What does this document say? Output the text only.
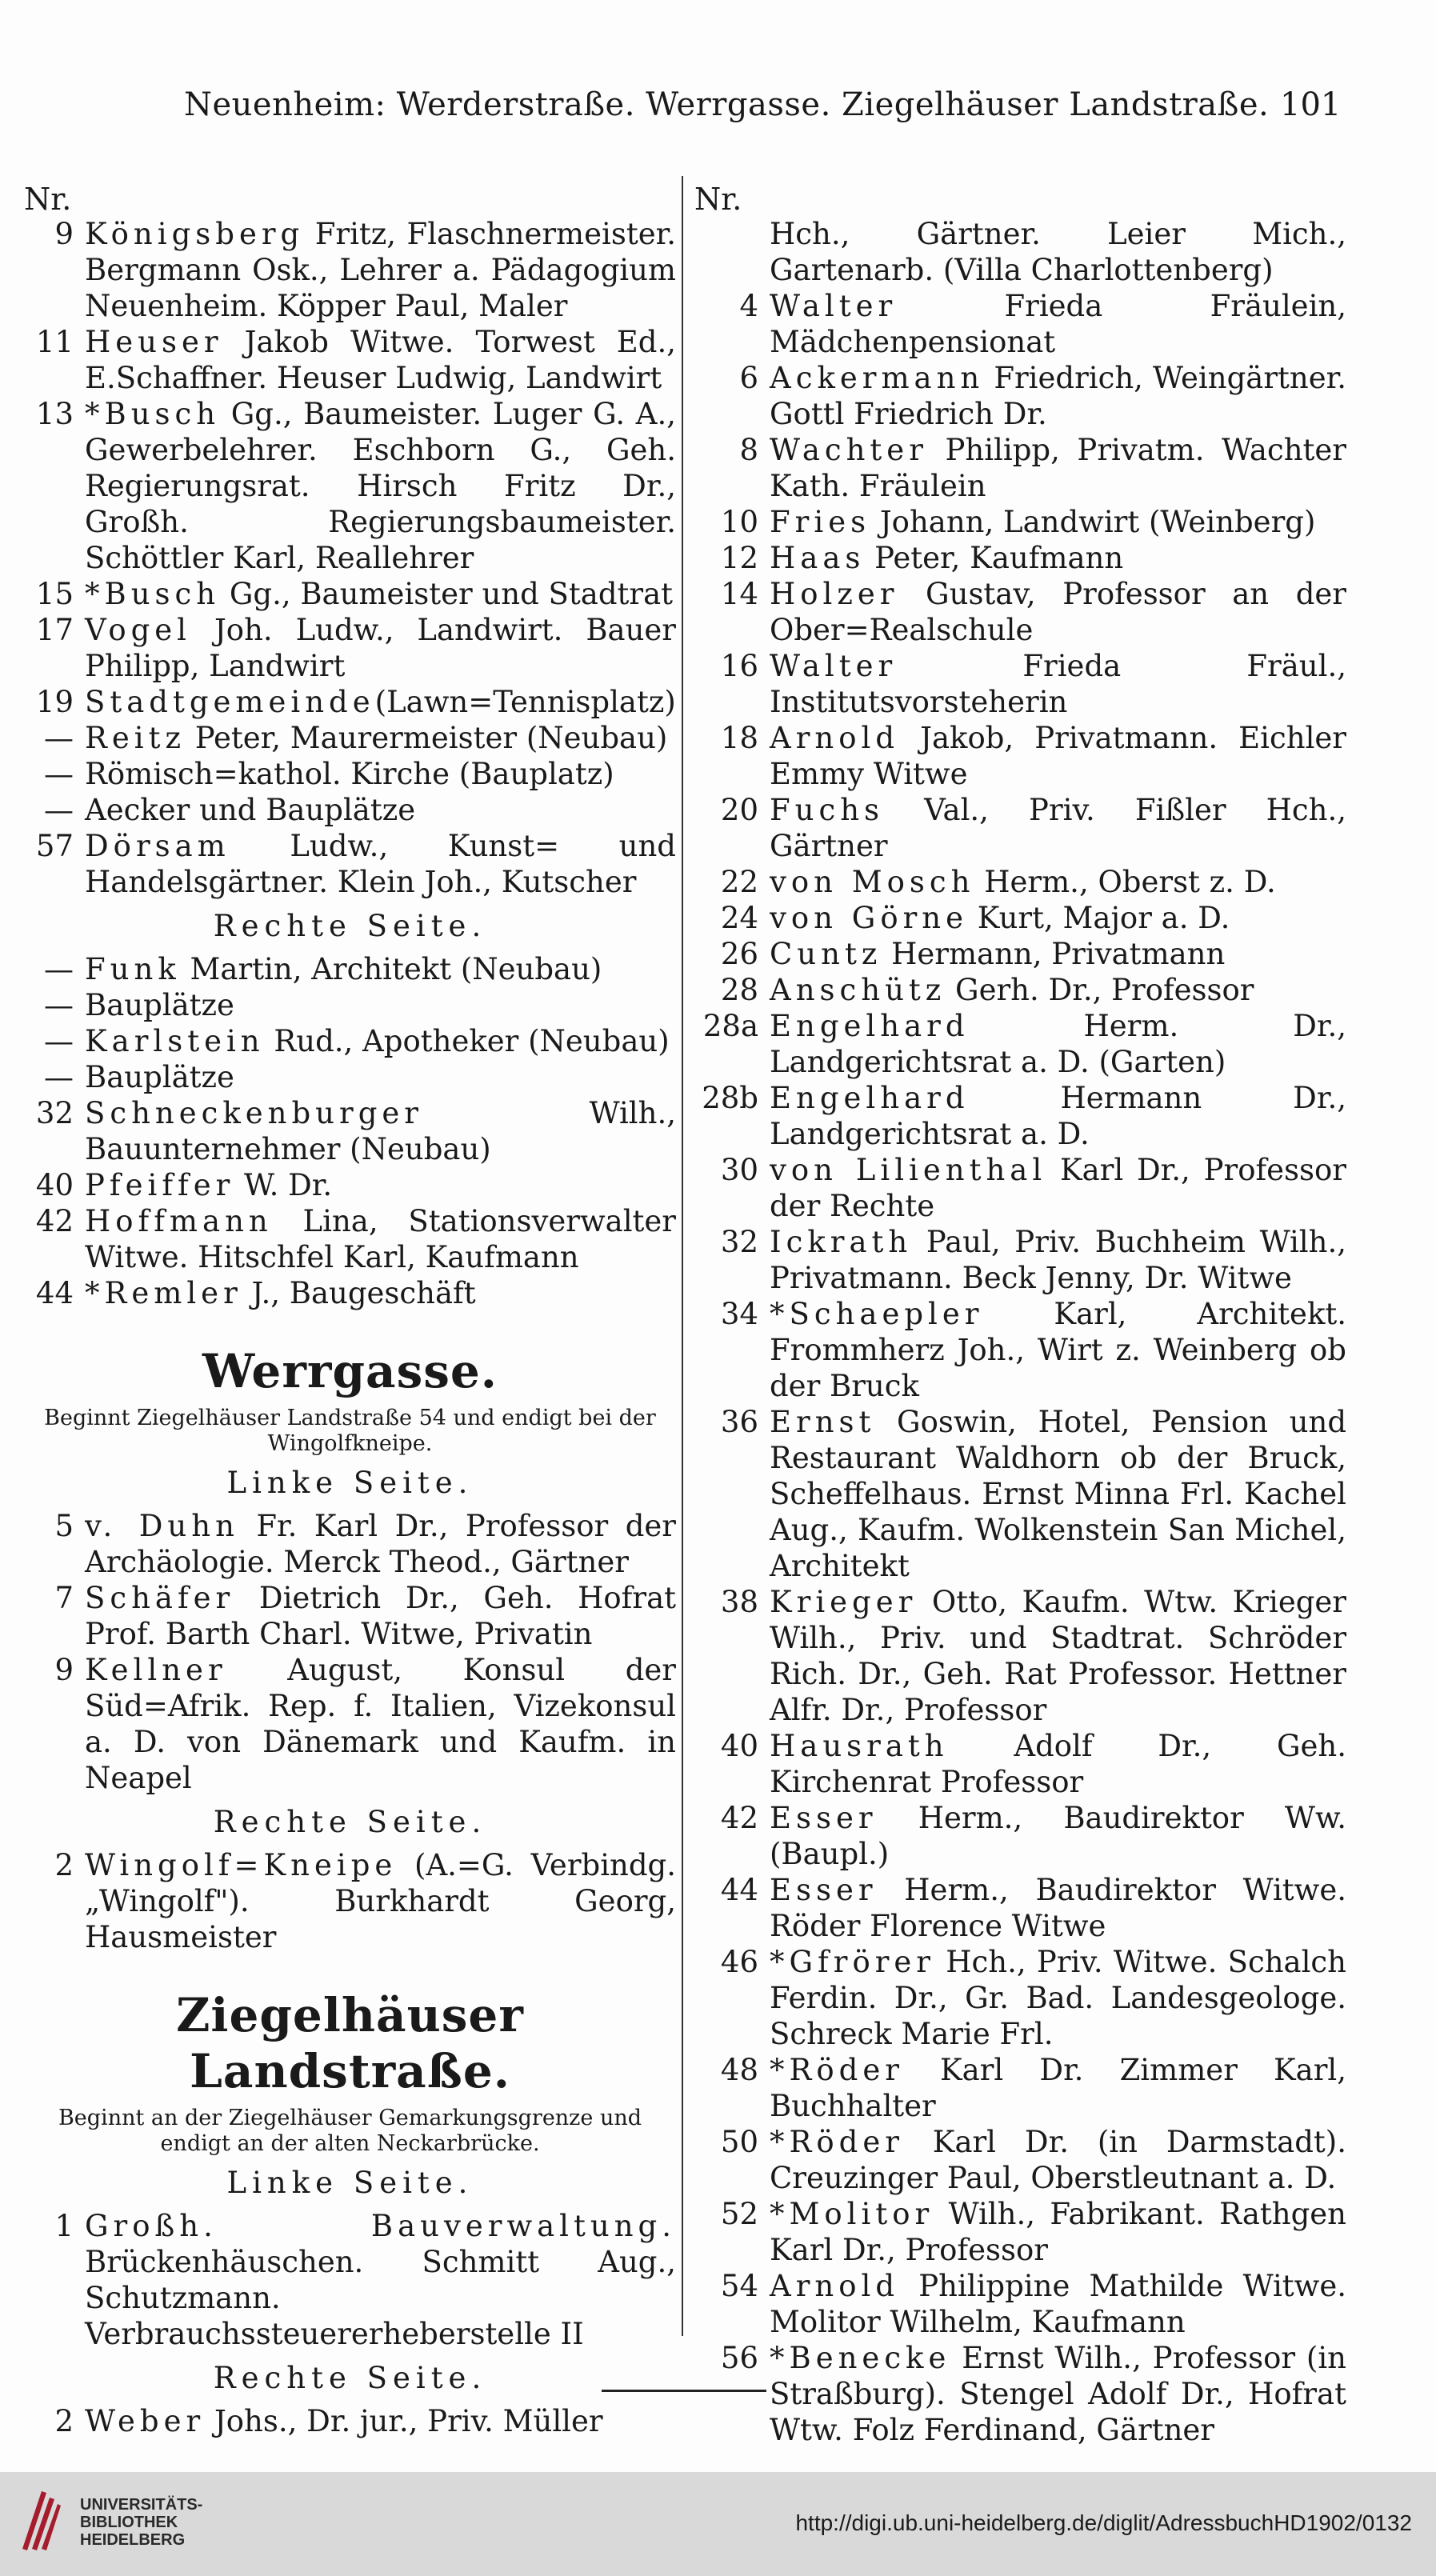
Neuenheim: Werderstraße. Werrgasse. Ziegelhäuser Landstraße. 101
Nr.
9 Königsberg Fritz, Flaschnermeister. Bergmann Osk., Lehrer a. Pädagogium Neuenheim. Köpper Paul, Maler
11 Heuser Jakob Witwe. Torwest Ed., E.Schaffner. Heuser Ludwig, Landwirt
13 *Busch Gg., Baumeister. Luger G. A., Gewerbelehrer. Eschborn G., Geh. Regierungsrat. Hirsch Fritz Dr., Großh. Regierungsbaumeister. Schöttler Karl, Reallehrer
15 *Busch Gg., Baumeister und Stadtrat
17 Vogel Joh. Ludw., Landwirt. Bauer Philipp, Landwirt
19 Stadtgemeinde(Lawn=Tennisplatz)
— Reitz Peter, Maurermeister (Neubau)
— Römisch=kathol. Kirche (Bauplatz)
— Aecker und Bauplätze
57 Dörsam Ludw., Kunst= und Handelsgärtner. Klein Joh., Kutscher
Rechte Seite.
— Funk Martin, Architekt (Neubau)
— Bauplätze
— Karlstein Rud., Apotheker (Neubau)
— Bauplätze
32 Schneckenburger Wilh., Bauunternehmer (Neubau)
40 Pfeiffer W. Dr.
42 Hoffmann Lina, Stationsverwalter Witwe. Hitschfel Karl, Kaufmann
44 *Remler J., Baugeschäft
Werrgasse.
Beginnt Ziegelhäuser Landstraße 54 und endigt bei der Wingolfkneipe.
Linke Seite.
5 v. Duhn Fr. Karl Dr., Professor der Archäologie. Merck Theod., Gärtner
7 Schäfer Dietrich Dr., Geh. Hofrat Prof. Barth Charl. Witwe, Privatin
9 Kellner August, Konsul der Süd=Afrik. Rep. f. Italien, Vizekonsul a. D. von Dänemark und Kaufm. in Neapel
Rechte Seite.
2 Wingolf=Kneipe (A.=G. Verbindg. „Wingolf"). Burkhardt Georg, Hausmeister
Ziegelhäuser Landstraße.
Beginnt an der Ziegelhäuser Gemarkungsgrenze und endigt an der alten Neckarbrücke.
Linke Seite.
1 Großh. Bauverwaltung. Brückenhäuschen. Schmitt Aug., Schutzmann. Verbrauchssteuererheberstelle II
Rechte Seite.
2 Weber Johs., Dr. jur., Priv. Müller
Nr.
Hch., Gärtner. Leier Mich., Gartenarb. (Villa Charlottenberg)
4 Walter Frieda Fräulein, Mädchenpensionat
6 Ackermann Friedrich, Weingärtner. Gottl Friedrich Dr.
8 Wachter Philipp, Privatm. Wachter Kath. Fräulein
10 Fries Johann, Landwirt (Weinberg)
12 Haas Peter, Kaufmann
14 Holzer Gustav, Professor an der Ober=Realschule
16 Walter Frieda Fräul., Institutsvorsteherin
18 Arnold Jakob, Privatmann. Eichler Emmy Witwe
20 Fuchs Val., Priv. Fißler Hch., Gärtner
22 von Mosch Herm., Oberst z. D.
24 von Görne Kurt, Major a. D.
26 Cuntz Hermann, Privatmann
28 Anschütz Gerh. Dr., Professor
28a Engelhard Herm. Dr., Landgerichtsrat a. D. (Garten)
28b Engelhard Hermann Dr., Landgerichtsrat a. D.
30 von Lilienthal Karl Dr., Professor der Rechte
32 Ickrath Paul, Priv. Buchheim Wilh., Privatmann. Beck Jenny, Dr. Witwe
34 *Schaepler Karl, Architekt. Frommherz Joh., Wirt z. Weinberg ob der Bruck
36 Ernst Goswin, Hotel, Pension und Restaurant Waldhorn ob der Bruck, Scheffelhaus. Ernst Minna Frl. Kachel Aug., Kaufm. Wolkenstein San Michel, Architekt
38 Krieger Otto, Kaufm. Wtw. Krieger Wilh., Priv. und Stadtrat. Schröder Rich. Dr., Geh. Rat Professor. Hettner Alfr. Dr., Professor
40 Hausrath Adolf Dr., Geh. Kirchenrat Professor
42 Esser Herm., Baudirektor Ww. (Baupl.)
44 Esser Herm., Baudirektor Witwe. Röder Florence Witwe
46 *Gfrörer Hch., Priv. Witwe. Schalch Ferdin. Dr., Gr. Bad. Landesgeologe. Schreck Marie Frl.
48 *Röder Karl Dr. Zimmer Karl, Buchhalter
50 *Röder Karl Dr. (in Darmstadt). Creuzinger Paul, Oberstleutnant a. D.
52 *Molitor Wilh., Fabrikant. Rathgen Karl Dr., Professor
54 Arnold Philippine Mathilde Witwe. Molitor Wilhelm, Kaufmann
56 *Benecke Ernst Wilh., Professor (in Straßburg). Stengel Adolf Dr., Hofrat Wtw. Folz Ferdinand, Gärtner
UNIVERSITÄTS-
BIBLIOTHEK
HEIDELBERG
http://digi.ub.uni-heidelberg.de/diglit/AdressbuchHD1902/0132
